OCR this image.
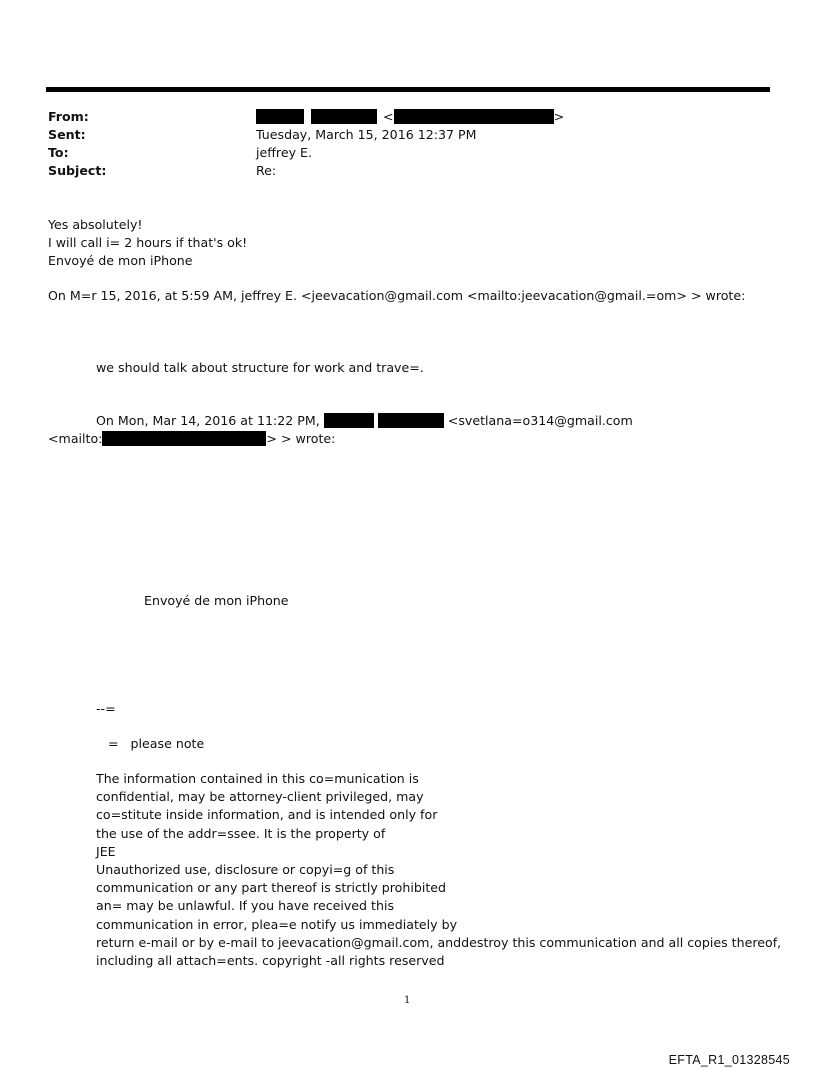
From:	<	>
Sent:	Tuesday, March 15, 2016 12:37 PM
To:	jeffrey E.
Subject:	Re:
Yes absolutely!
I will call i= 2 hours if that's ok!
Envoyé de mon iPhone
On M=r 15, 2016, at 5:59 AM, jeffrey E. <jeevacation@gmail.com <mailto:jeevacation@gmail.=om> > wrote:
we should talk about structure for work and trave=.
On Mon, Mar 14, 2016 at 11:22 PM,	<svetlana=o314@gmail.com
<mailto:	> > wrote:
Envoyé de mon iPhone
--=
=   please note
The information contained in this co=munication is
confidential, may be attorney-client privileged, may
co=stitute inside information, and is intended only for
the use of the addr=ssee. It is the property of
JEE
Unauthorized use, disclosure or copyi=g of this
communication or any part thereof is strictly prohibited
an= may be unlawful. If you have received this
communication in error, plea=e notify us immediately by
return e-mail or by e-mail to jeevacation@gmail.com, anddestroy this communication and all copies thereof,
including all attach=ents. copyright -all rights reserved
1
EFTA_R1_01328545
